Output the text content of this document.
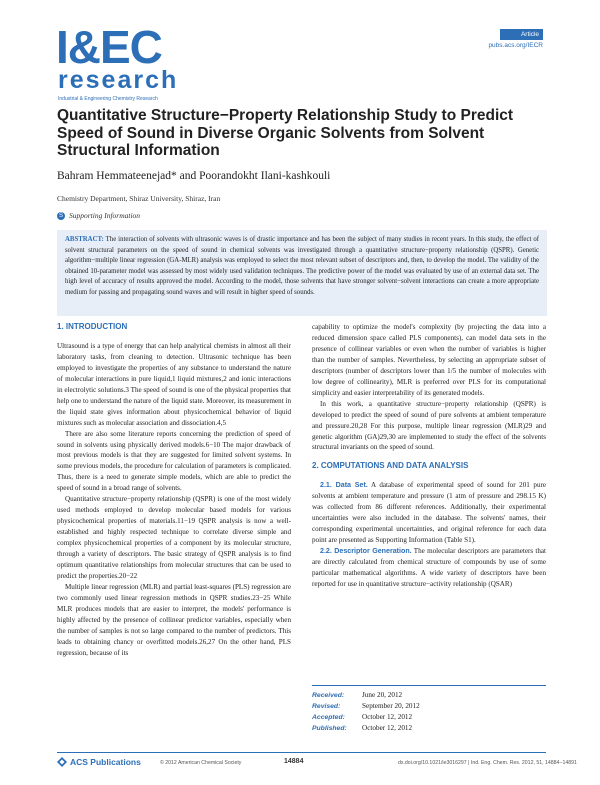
I&EC
research
Industrial & Engineering Chemistry Research
Article
pubs.acs.org/IECR
Quantitative Structure−Property Relationship Study to Predict Speed of Sound in Diverse Organic Solvents from Solvent Structural Information
Bahram Hemmateenejad* and Poorandokht Ilani-kashkouli
Chemistry Department, Shiraz University, Shiraz, Iran
S Supporting Information
ABSTRACT: The interaction of solvents with ultrasonic waves is of drastic importance and has been the subject of many studies in recent years. In this study, the effect of solvent structural parameters on the speed of sound in chemical solvents was investigated through a quantitative structure−property relationship (QSPR). Genetic algorithm−multiple linear regression (GA-MLR) analysis was employed to select the most relevant subset of descriptors and, then, to develop the model. The validity of the obtained 10-parameter model was assessed by most widely used validation techniques. The predictive power of the model was evaluated by use of an external data set. The high level of accuracy of results approved the model. According to the model, those solvents that have stronger solvent−solvent interactions can create a more appropriate medium for passing and propagating sound waves and will result in higher speed of sounds.

1. INTRODUCTION

Ultrasound is a type of energy that can help analytical chemists in almost all their laboratory tasks, from cleaning to detection. Ultrasonic technique has been employed to investigate the properties of any substance to understand the nature of molecular interactions in pure liquid,1 liquid mixtures,2 and ionic interactions in electrolytic solutions.3 The speed of sound is one of the physical properties that help one to understand the nature of the liquid state. Moreover, its measurement in the liquid state gives information about physicochemical behavior of liquid mixtures such as molecular association and dissociation.4,5

There are also some literature reports concerning the prediction of speed of sound in solvents using physically derived models.6−10 The major drawback of most previous models is that they are suggested for limited solvent systems. In some previous models, the procedure for calculation of parameters is complicated. Thus, there is a need to generate simple models, which are able to predict the speed of sound in a broad range of solvents.

Quantitative structure−property relationship (QSPR) is one of the most widely used methods employed to develop molecular based models for various physicochemical properties of materials.11−19 QSPR analysis is now a well-established and highly respected technique to correlate diverse simple and complex physicochemical properties of a component by its molecular structure, through a variety of descriptors. The basic strategy of QSPR analysis is to find optimum quantitative relationships from molecular structures that can be used to predict the properties.20−22

Multiple linear regression (MLR) and partial least-squares (PLS) regression are two commonly used linear regression methods in QSPR studies.23−25 While MLR produces models that are easier to interpret, the models' performance is highly affected by the presence of collinear predictor variables, especially when the number of samples is not so large compared to the number of predictors. This leads to obtaining chancy or overfitted models.26,27 On the other hand, PLS regression, because of its

capability to optimize the model's complexity (by projecting the data into a reduced dimension space called PLS components), can model data sets in the presence of collinear variables or even when the number of variables is higher than the number of samples. Nevertheless, by selecting an appropriate subset of descriptors (number of descriptors lower than 1/5 the number of molecules with low degree of collinearity), MLR is preferred over PLS for its computational simplicity and easier interpretability of its generated models.

In this work, a quantitative structure−property relationship (QSPR) is developed to predict the speed of sound of pure solvents at ambient temperature and pressure.20,28 For this purpose, multiple linear regression (MLR)29 and genetic algorithm (GA)29,30 are implemented to study the effect of the solvents structural invariants on the speed of sound.

2. COMPUTATIONS AND DATA ANALYSIS

2.1. Data Set. A database of experimental speed of sound for 201 pure solvents at ambient temperature and pressure (1 atm of pressure and 298.15 K) was collected from 86 different references. Additionally, their experimental uncertainties were also included in the database. The solvents' names, their corresponding experimental uncertainties, and original reference for each data point are presented as Supporting Information (Table S1).

2.2. Descriptor Generation. The molecular descriptors are parameters that are directly calculated from chemical structure of compounds by use of some particular mathematical algorithms. A wide variety of descriptors have been reported for use in quantitative structure−activity relationship (QSAR)

Received:	June 20, 2012
Revised:	September 20, 2012
Accepted:	October 12, 2012
Published:	October 12, 2012
ACS Publications	© 2012 American Chemical Society	14884	dx.doi.org/10.1021/ie3016297 | Ind. Eng. Chem. Res. 2012, 51, 14884−14891
